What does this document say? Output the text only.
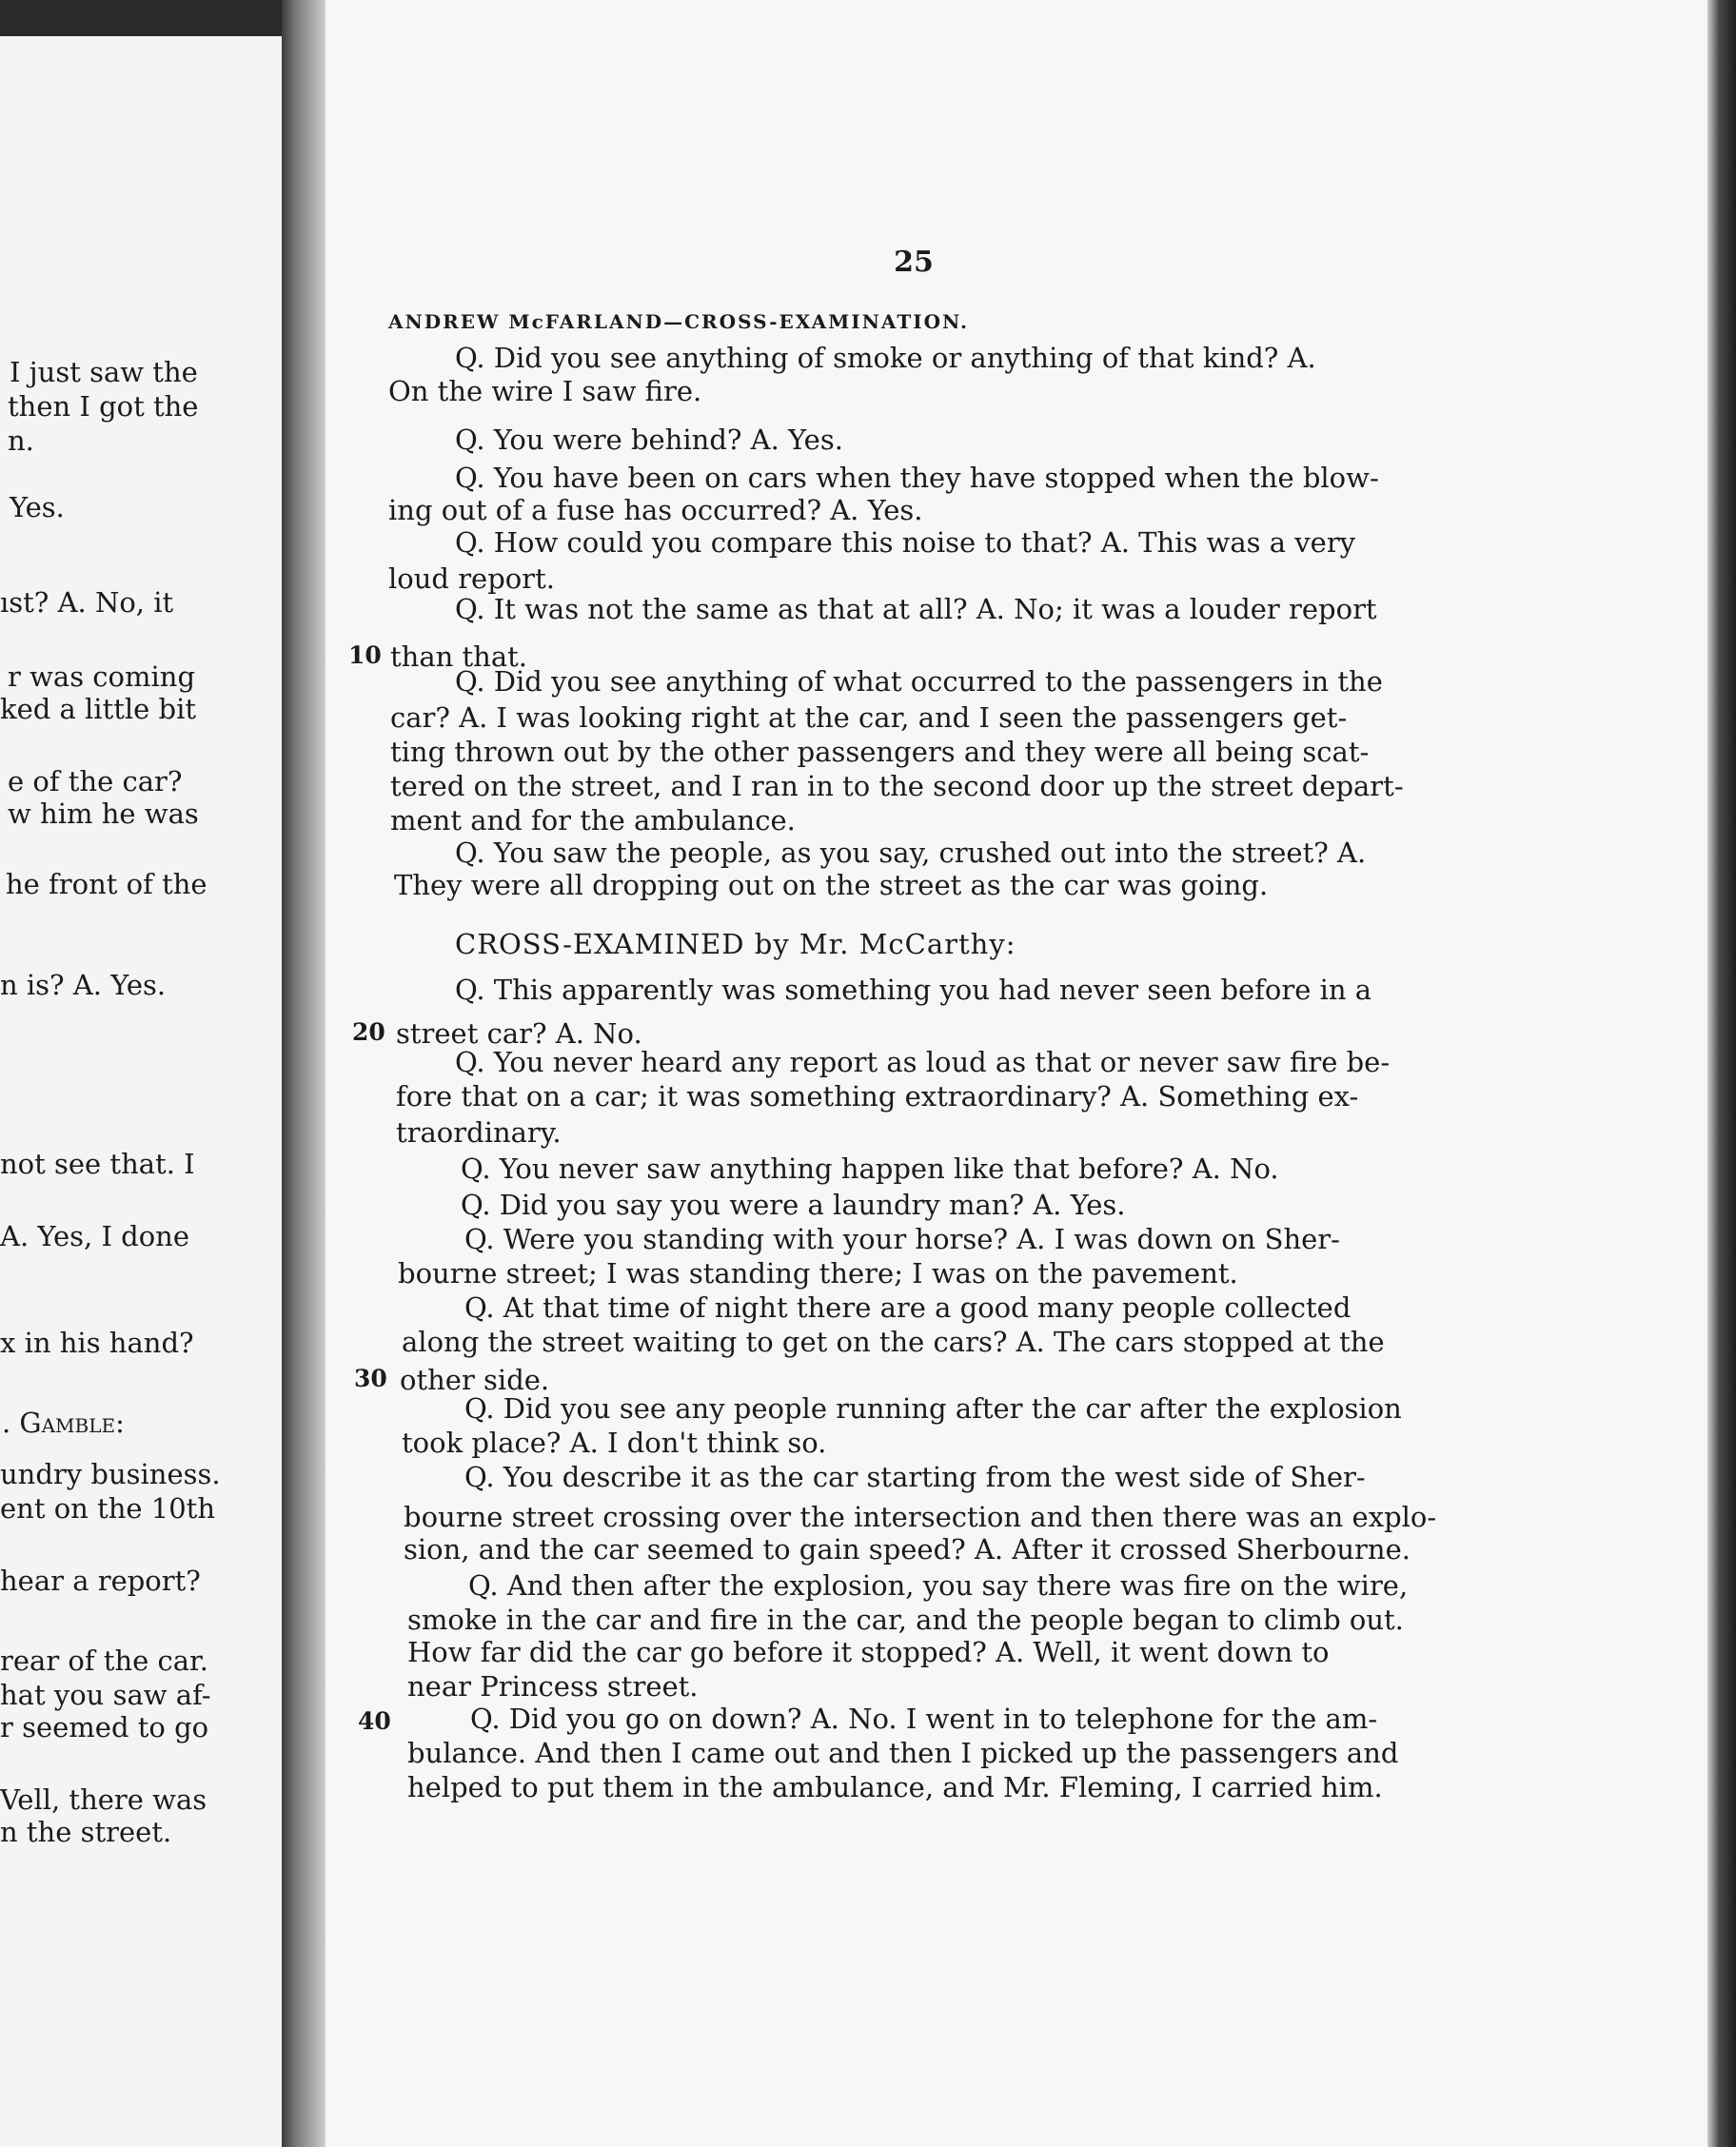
I just saw the
then I got the
n.
Yes.
ıst? A. No, it
r was coming
ked a little bit
e of the car?
w him he was
he front of the
n is? A. Yes.
not see that. I
A. Yes, I done
x in his hand?
. Gamble:
undry business.
ent on the 10th
hear a report?
rear of the car.
hat you saw af-
r seemed to go
Vell, there was
n the street.
25
ANDREW McFARLAND—CROSS-EXAMINATION.
Q. Did you see anything of smoke or anything of that kind? A.
On the wire I saw fire.
Q. You were behind? A. Yes.
Q. You have been on cars when they have stopped when the blow-
ing out of a fuse has occurred? A. Yes.
Q. How could you compare this noise to that? A. This was a very
loud report.
Q. It was not the same as that at all? A. No; it was a louder report
than that.
Q. Did you see anything of what occurred to the passengers in the
car? A. I was looking right at the car, and I seen the passengers get-
ting thrown out by the other passengers and they were all being scat-
tered on the street, and I ran in to the second door up the street depart-
ment and for the ambulance.
Q. You saw the people, as you say, crushed out into the street? A.
They were all dropping out on the street as the car was going.
CROSS-EXAMINED by Mr. McCarthy:
Q. This apparently was something you had never seen before in a
street car? A. No.
Q. You never heard any report as loud as that or never saw fire be-
fore that on a car; it was something extraordinary? A. Something ex-
traordinary.
Q. You never saw anything happen like that before? A. No.
Q. Did you say you were a laundry man? A. Yes.
Q. Were you standing with your horse? A. I was down on Sher-
bourne street; I was standing there; I was on the pavement.
Q. At that time of night there are a good many people collected
along the street waiting to get on the cars? A. The cars stopped at the
other side.
Q. Did you see any people running after the car after the explosion
took place? A. I don't think so.
Q. You describe it as the car starting from the west side of Sher-
bourne street crossing over the intersection and then there was an explo-
sion, and the car seemed to gain speed? A. After it crossed Sherbourne.
Q. And then after the explosion, you say there was fire on the wire,
smoke in the car and fire in the car, and the people began to climb out.
How far did the car go before it stopped? A. Well, it went down to
near Princess street.
Q. Did you go on down? A. No. I went in to telephone for the am-
bulance. And then I came out and then I picked up the passengers and
helped to put them in the ambulance, and Mr. Fleming, I carried him.
10
20
30
40
